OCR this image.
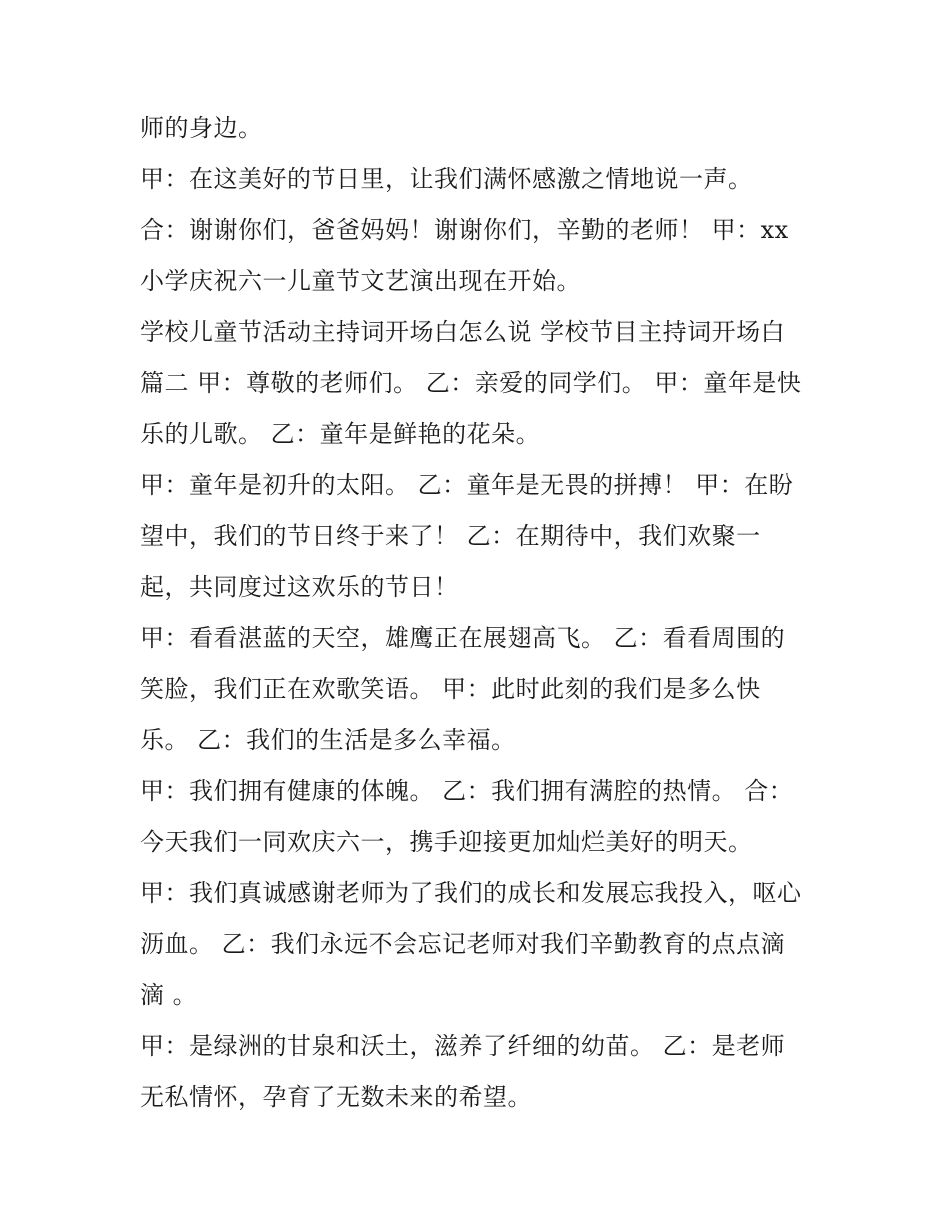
师的身边。
甲：在这美好的节日里，让我们满怀感激之情地说一声。
合：谢谢你们，爸爸妈妈！谢谢你们，辛勤的老师！ 甲：xx
小学庆祝六一儿童节文艺演出现在开始。
学校儿童节活动主持词开场白怎么说 学校节目主持词开场白
篇二 甲：尊敬的老师们。 乙：亲爱的同学们。 甲：童年是快
乐的儿歌。 乙：童年是鲜艳的花朵。
甲：童年是初升的太阳。 乙：童年是无畏的拼搏！ 甲：在盼
望中，我们的节日终于来了！ 乙：在期待中，我们欢聚一
起，共同度过这欢乐的节日！
甲：看看湛蓝的天空，雄鹰正在展翅高飞。 乙：看看周围的
笑脸，我们正在欢歌笑语。 甲：此时此刻的我们是多么快
乐。 乙：我们的生活是多么幸福。
甲：我们拥有健康的体魄。 乙：我们拥有满腔的热情。 合：
今天我们一同欢庆六一，携手迎接更加灿烂美好的明天。
甲：我们真诚感谢老师为了我们的成长和发展忘我投入，呕心
沥血。 乙：我们永远不会忘记老师对我们辛勤教育的点点滴
滴 。
甲：是绿洲的甘泉和沃土，滋养了纤细的幼苗。 乙：是老师
无私情怀，孕育了无数未来的希望。
